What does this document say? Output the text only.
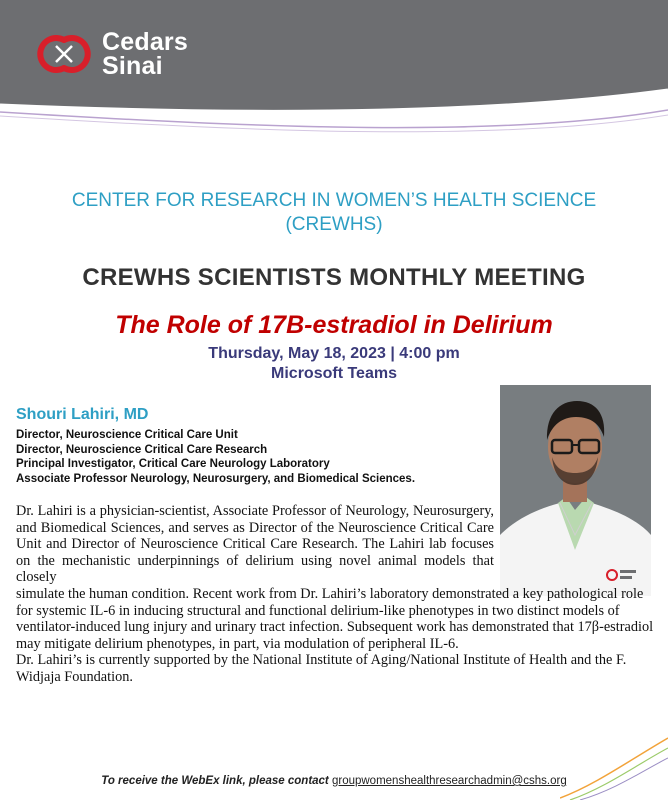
Cedars
Sinai
CENTER FOR RESEARCH IN WOMEN’S HEALTH SCIENCE
(CREWHS)
CREWHS SCIENTISTS MONTHLY MEETING
The Role of 17B-estradiol in Delirium
Thursday, May 18, 2023 | 4:00 pm
Microsoft Teams
Shouri Lahiri, MD
Director, Neuroscience Critical Care Unit
Director, Neuroscience Critical Care Research
Principal Investigator, Critical Care Neurology Laboratory
Associate Professor Neurology, Neurosurgery, and Biomedical Sciences.

Dr. Lahiri is a physician-scientist, Associate Professor of Neurology, Neurosurgery, and Biomedical Sciences, and serves as Director of the Neuroscience Critical Care Unit and Director of Neuroscience Critical Care Research. The Lahiri lab focuses on the mechanistic underpinnings of delirium using novel animal models that closely

simulate the human condition. Recent work from Dr. Lahiri’s laboratory demonstrated a key pathological role for systemic IL-6 in inducing structural and functional delirium-like phenotypes in two distinct models of ventilator-induced lung injury and urinary tract infection. Subsequent work has demonstrated that 17β-estradiol may mitigate delirium phenotypes, in part, via modulation of peripheral IL-6.

Dr. Lahiri’s is currently supported by the National Institute of Aging/National Institute of Health and the F. Widjaja Foundation.

To receive the WebEx link, please contact groupwomenshealthresearchadmin@cshs.org
